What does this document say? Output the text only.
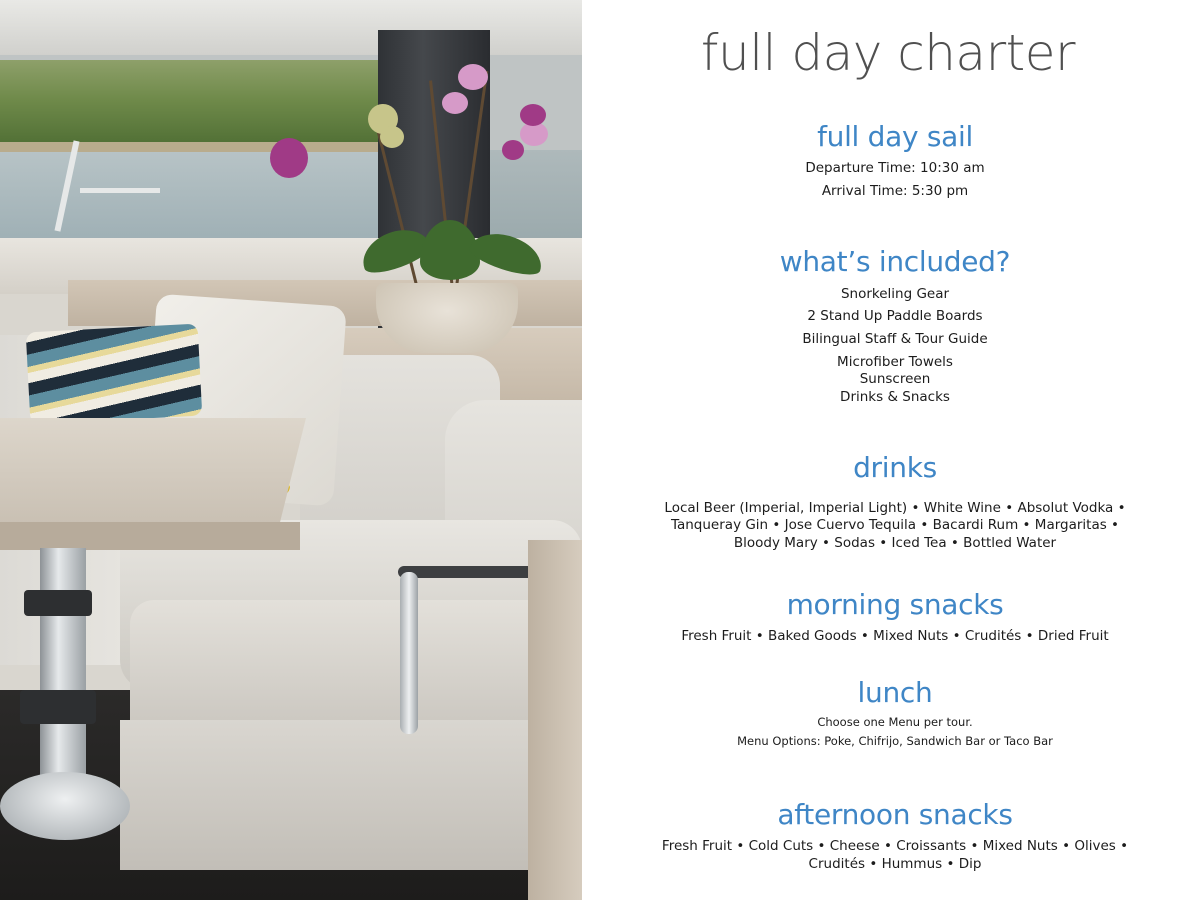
full day charter
full day sail
Departure Time: 10:30 am
Arrival Time: 5:30 pm
what’s included?
Snorkeling Gear
2 Stand Up Paddle Boards
Bilingual Staff & Tour Guide
Microfiber Towels
Sunscreen
Drinks & Snacks
drinks
Local Beer (Imperial, Imperial Light) • White Wine • Absolut Vodka •
Tanqueray Gin • Jose Cuervo Tequila • Bacardi Rum • Margaritas •
Bloody Mary • Sodas • Iced Tea • Bottled Water
morning snacks
Fresh Fruit • Baked Goods • Mixed Nuts • Crudités • Dried Fruit
lunch
Choose one Menu per tour.
Menu Options: Poke, Chifrijo, Sandwich Bar or Taco Bar
afternoon snacks
Fresh Fruit • Cold Cuts • Cheese • Croissants • Mixed Nuts • Olives •
Crudités • Hummus • Dip
